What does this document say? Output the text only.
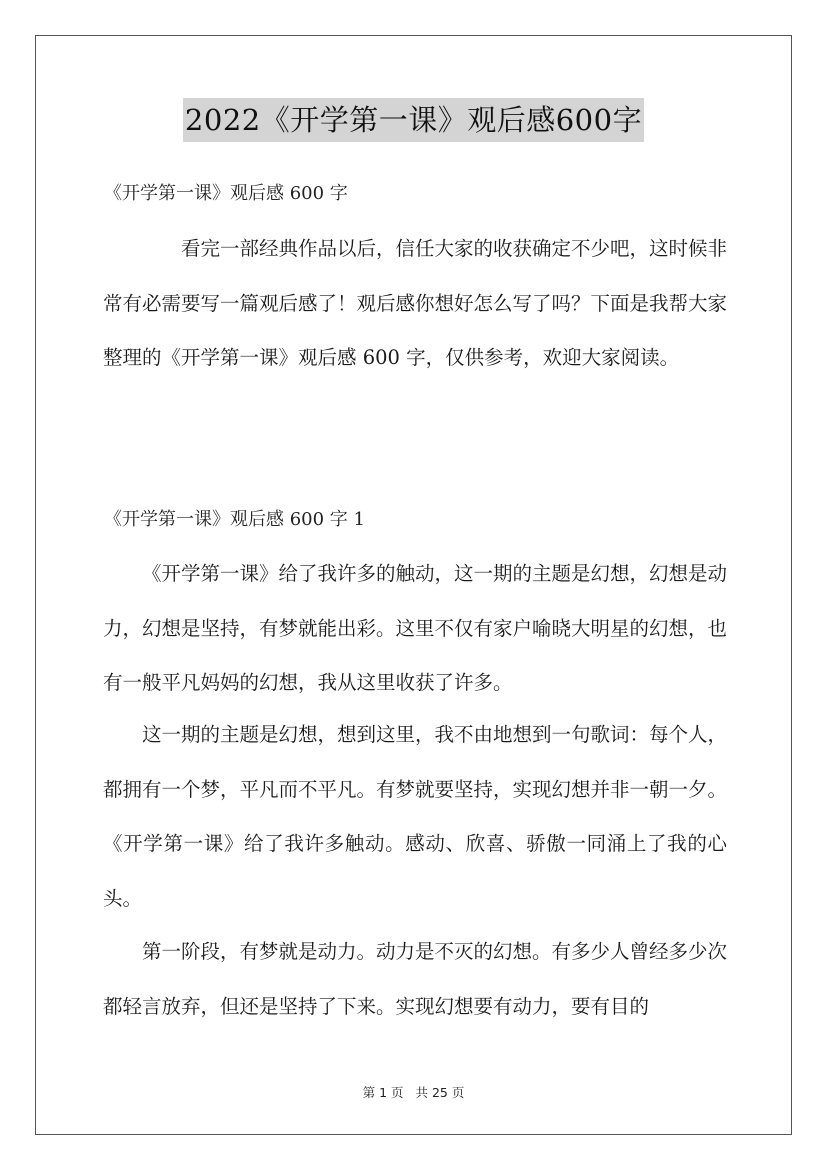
2022《开学第一课》观后感600字
《开学第一课》观后感 600 字

看完一部经典作品以后，信任大家的收获确定不少吧，这时候非常有必需要写一篇观后感了！观后感你想好怎么写了吗？下面是我帮大家整理的《开学第一课》观后感 600 字，仅供参考，欢迎大家阅读。

《开学第一课》观后感 600 字 1

《开学第一课》给了我许多的触动，这一期的主题是幻想，幻想是动力，幻想是坚持，有梦就能出彩。这里不仅有家户喻晓大明星的幻想，也有一般平凡妈妈的幻想，我从这里收获了许多。

这一期的主题是幻想，想到这里，我不由地想到一句歌词：每个人，都拥有一个梦，平凡而不平凡。有梦就要坚持，实现幻想并非一朝一夕。《开学第一课》给了我许多触动。感动、欣喜、骄傲一同涌上了我的心头。

第一阶段，有梦就是动力。动力是不灭的幻想。有多少人曾经多少次都轻言放弃，但还是坚持了下来。实现幻想要有动力，要有目的

第 1 页 共 25 页
